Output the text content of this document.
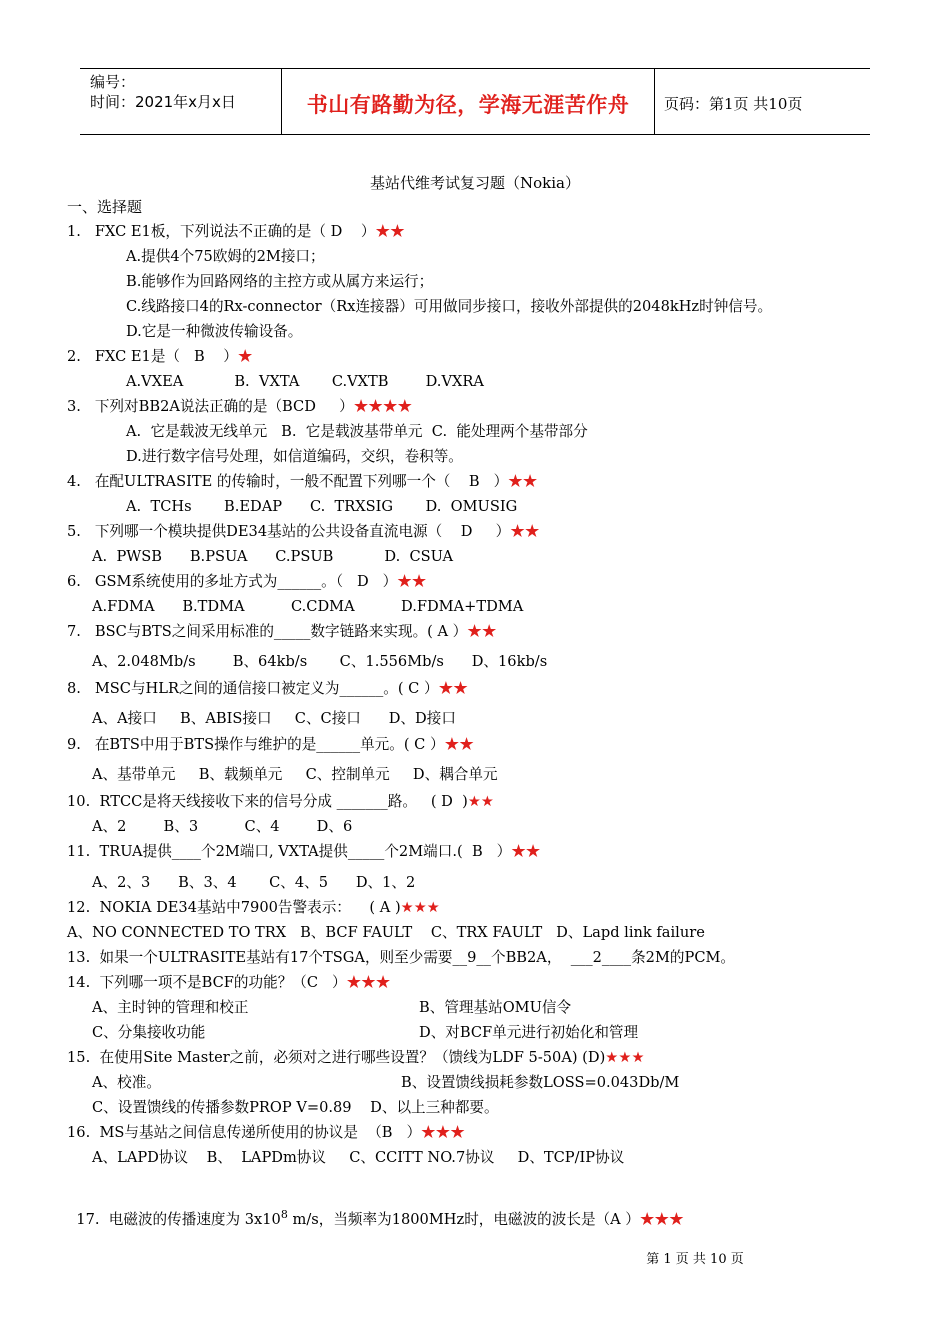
编号：
时间：2021年x月x日	书山有路勤为径，学海无涯苦作舟	页码：第1页 共10页
基站代维考试复习题（Nokia）
一、选择题
1.   FXC E1板，下列说法不正确的是（ D    ）★★
A.提供4个75欧姆的2M接口；
B.能够作为回路网络的主控方或从属方来运行；
C.线路接口4的Rx-connector（Rx连接器）可用做同步接口，接收外部提供的2048kHz时钟信号。
D.它是一种微波传输设备。
2.   FXC E1是（   B    ）★
A.VXEA           B.  VXTA       C.VXTB        D.VXRA
3.   下列对BB2A说法正确的是（BCD     ）★★★★
A.  它是载波无线单元   B.  它是载波基带单元  C.  能处理两个基带部分
D.进行数字信号处理，如信道编码，交织，卷积等。
4.   在配ULTRASITE 的传输时，一般不配置下列哪一个（    B   ）★★
A.  TCHs       B.EDAP      C.  TRXSIG       D.  OMUSIG
5.   下列哪一个模块提供DE34基站的公共设备直流电源（    D     ）★★
A.  PWSB      B.PSUA      C.PSUB           D.  CSUA
6.   GSM系统使用的多址方式为______。（   D   ）★★
A.FDMA      B.TDMA          C.CDMA          D.FDMA+TDMA
7.   BSC与BTS之间采用标准的_____数字链路来实现。( A ）★★
A、2.048Mb/s        B、64kb/s       C、1.556Mb/s      D、16kb/s
8.   MSC与HLR之间的通信接口被定义为______。( C ）★★
A、A接口     B、ABIS接口     C、C接口      D、D接口
9.   在BTS中用于BTS操作与维护的是______单元。( C ）★★
A、基带单元     B、载频单元     C、控制单元     D、耦合单元
10.  RTCC是将天线接收下来的信号分成 _______路。   ( D  )★★
A、2        B、3          C、4        D、6
11.  TRUA提供____个2M端口, VXTA提供_____个2M端口.(  B   ）★★
A、2、3      B、3、4       C、4、5      D、1、2
12.  NOKIA DE34基站中7900告警表示：    ( A )★★★
A、NO CONNECTED TO TRX   B、BCF FAULT    C、TRX FAULT   D、Lapd link failure
13.  如果一个ULTRASITE基站有17个TSGA，则至少需要__9__个BB2A，  ___2____条2M的PCM。
14.  下列哪一项不是BCF的功能？（C   ）★★★
A、主时钟的管理和校正	B、管理基站OMU信令
C、分集接收功能	D、对BCF单元进行初始化和管理
15.  在使用Site Master之前，必须对之进行哪些设置？（馈线为LDF 5-50A) (D)★★★
A、校准。	B、设置馈线损耗参数LOSS=0.043Db/M
C、设置馈线的传播参数PROP V=0.89    D、以上三种都要。
16.  MS与基站之间信息传递所使用的协议是  （B   ）★★★
A、LAPD协议    B、  LAPDm协议     C、CCITT NO.7协议     D、TCP/IP协议

17.  电磁波的传播速度为 $3x10^8$ m/s，当频率为1800MHz时，电磁波的波长是（A ）★★★

第 1 页 共 10 页
